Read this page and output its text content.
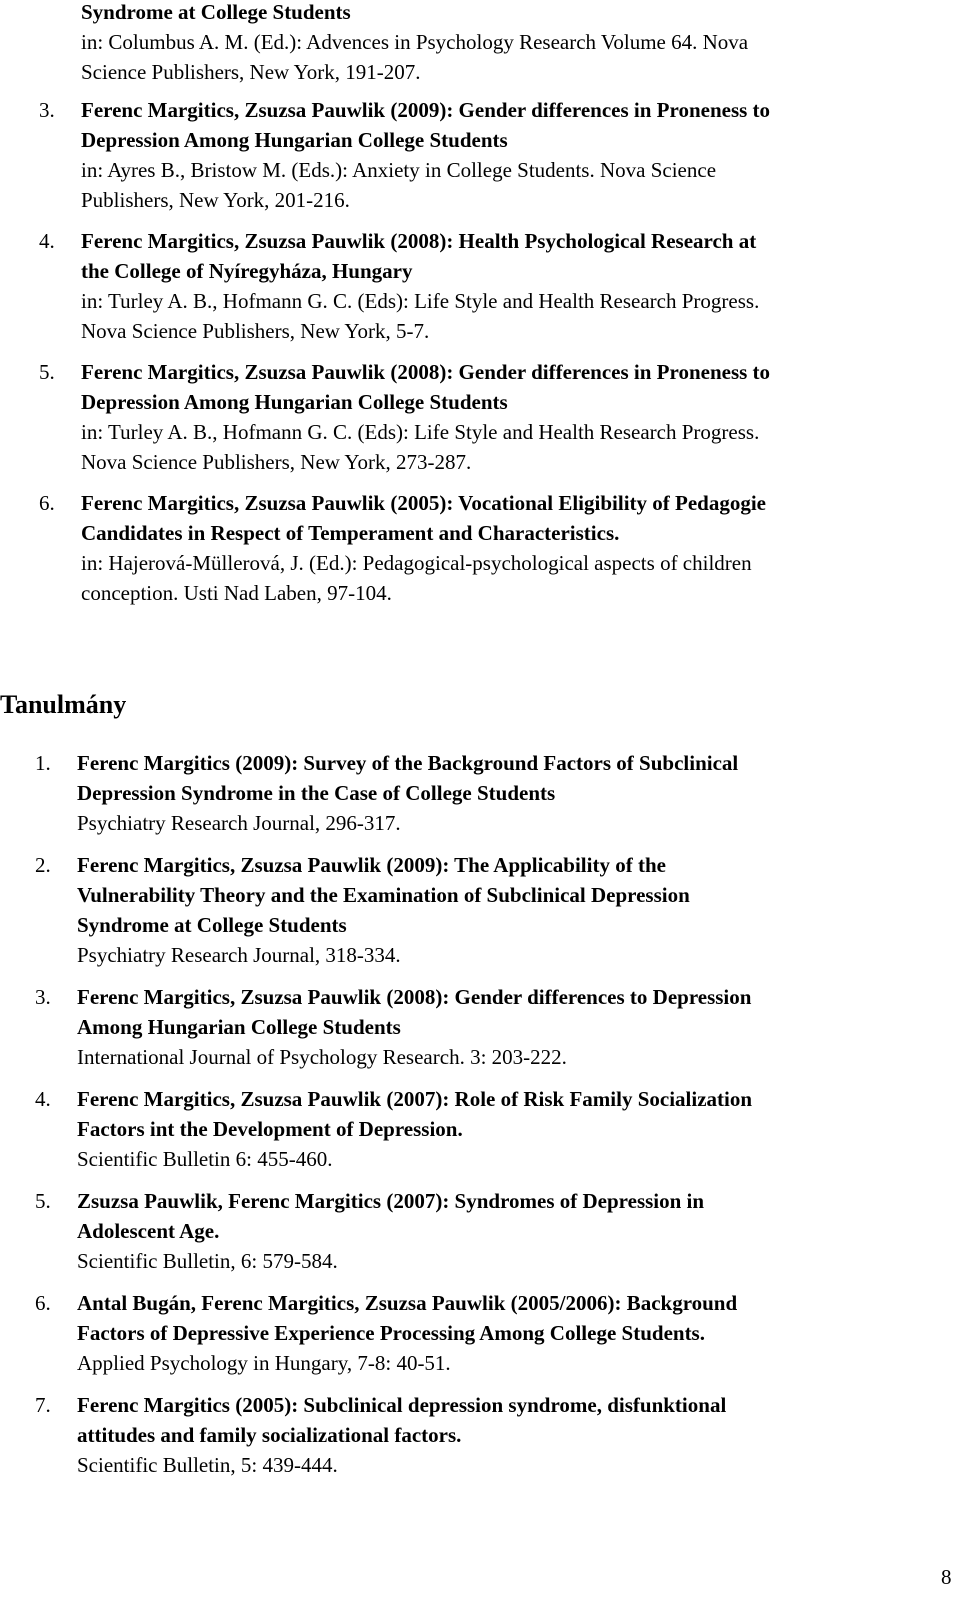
Syndrome at College Students
in: Columbus A. M. (Ed.): Advences in Psychology Research Volume 64. Nova
Science Publishers, New York, 191-207.
3. Ferenc Margitics, Zsuzsa Pauwlik (2009): Gender differences in Proneness to
Depression Among Hungarian College Students
in: Ayres B., Bristow M. (Eds.): Anxiety in College Students. Nova Science
Publishers, New York, 201-216.
4. Ferenc Margitics, Zsuzsa Pauwlik (2008): Health Psychological Research at
the College of Nyíregyháza, Hungary
in: Turley A. B., Hofmann G. C. (Eds): Life Style and Health Research Progress.
Nova Science Publishers, New York, 5-7.
5. Ferenc Margitics, Zsuzsa Pauwlik (2008): Gender differences in Proneness to
Depression Among Hungarian College Students
in: Turley A. B., Hofmann G. C. (Eds): Life Style and Health Research Progress.
Nova Science Publishers, New York, 273-287.
6. Ferenc Margitics, Zsuzsa Pauwlik (2005): Vocational Eligibility of Pedagogie
Candidates in Respect of Temperament and Characteristics.
in: Hajerová-Müllerová, J. (Ed.): Pedagogical-psychological aspects of children
conception. Usti Nad Laben, 97-104.
Tanulmány
1. Ferenc Margitics (2009): Survey of the Background Factors of Subclinical
Depression Syndrome in the Case of College Students
Psychiatry Research Journal, 296-317.
2. Ferenc Margitics, Zsuzsa Pauwlik (2009): The Applicability of the
Vulnerability Theory and the Examination of Subclinical Depression
Syndrome at College Students
Psychiatry Research Journal, 318-334.
3. Ferenc Margitics, Zsuzsa Pauwlik (2008): Gender differences to Depression
Among Hungarian College Students
International Journal of Psychology Research. 3: 203-222.
4. Ferenc Margitics, Zsuzsa Pauwlik (2007): Role of Risk Family Socialization
Factors int the Development of Depression.
Scientific Bulletin 6: 455-460.
5. Zsuzsa Pauwlik, Ferenc Margitics (2007): Syndromes of Depression in
Adolescent Age.
Scientific Bulletin, 6: 579-584.
6. Antal Bugán, Ferenc Margitics, Zsuzsa Pauwlik (2005/2006): Background
Factors of Depressive Experience Processing Among College Students.
Applied Psychology in Hungary, 7-8: 40-51.
7. Ferenc Margitics (2005): Subclinical depression syndrome, disfunktional
attitudes and family socializational factors.
Scientific Bulletin, 5: 439-444.
8
